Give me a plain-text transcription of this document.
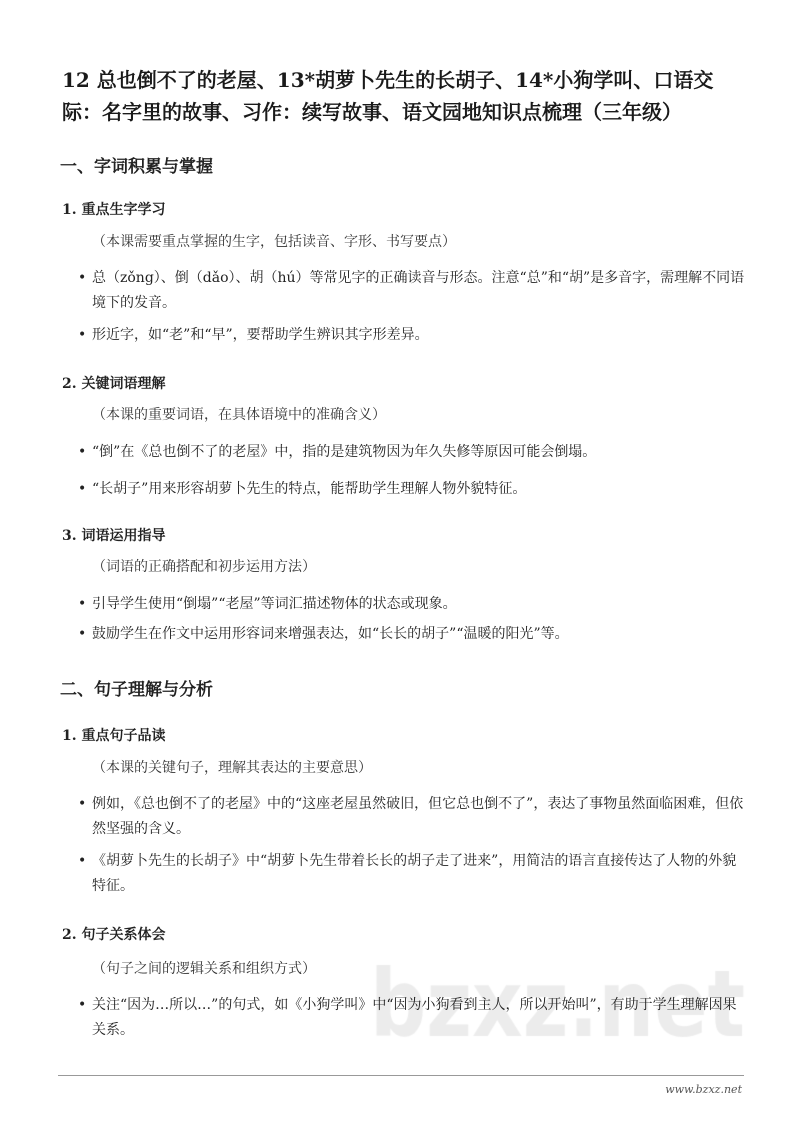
12 总也倒不了的老屋、13*胡萝卜先生的长胡子、14*小狗学叫、口语交际：名字里的故事、习作：续写故事、语文园地知识点梳理（三年级）
一、字词积累与掌握
1. 重点生字学习
（本课需要重点掌握的生字，包括读音、字形、书写要点）
• 总（zǒng）、倒（dǎo）、胡（hú）等常见字的正确读音与形态。注意“总”和“胡”是多音字，需理解不同语境下的发音。
• 形近字，如“老”和“早”，要帮助学生辨识其字形差异。
2. 关键词语理解
（本课的重要词语，在具体语境中的准确含义）
• “倒”在《总也倒不了的老屋》中，指的是建筑物因为年久失修等原因可能会倒塌。
• “长胡子”用来形容胡萝卜先生的特点，能帮助学生理解人物外貌特征。
3. 词语运用指导
（词语的正确搭配和初步运用方法）
• 引导学生使用“倒塌”“老屋”等词汇描述物体的状态或现象。
• 鼓励学生在作文中运用形容词来增强表达，如“长长的胡子”“温暖的阳光”等。
二、句子理解与分析
1. 重点句子品读
（本课的关键句子，理解其表达的主要意思）
• 例如，《总也倒不了的老屋》中的“这座老屋虽然破旧，但它总也倒不了”，表达了事物虽然面临困难，但依然坚强的含义。
• 《胡萝卜先生的长胡子》中“胡萝卜先生带着长长的胡子走了进来”，用简洁的语言直接传达了人物的外貌特征。
2. 句子关系体会
（句子之间的逻辑关系和组织方式）
• 关注“因为…所以…”的句式，如《小狗学叫》中“因为小狗看到主人，所以开始叫”，有助于学生理解因果关系。
www.bzxz.net
